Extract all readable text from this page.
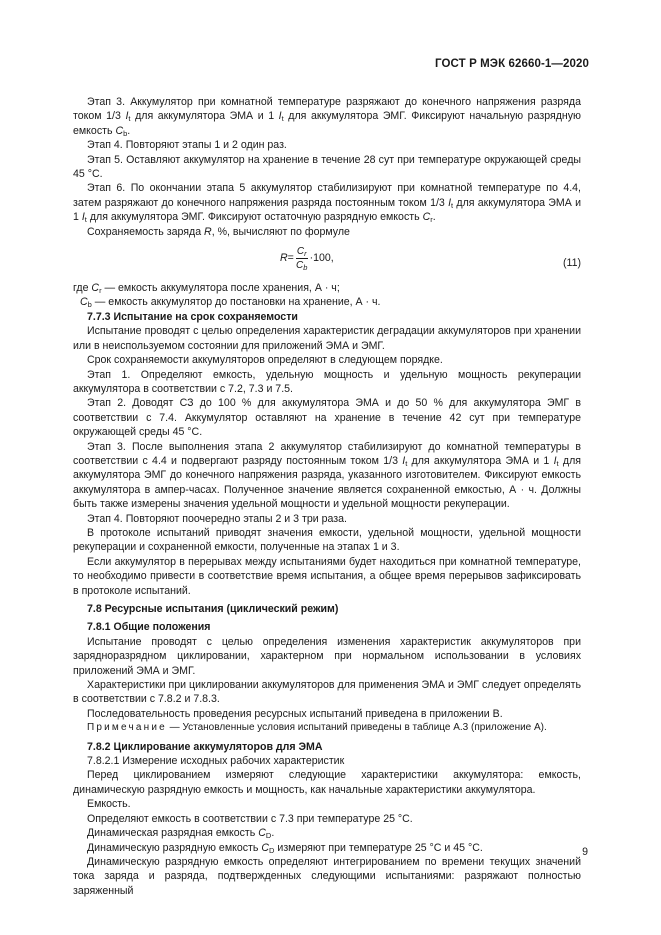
ГОСТ Р МЭК 62660-1—2020

Этап 3. Аккумулятор при комнатной температуре разряжают до конечного напряжения разряда током 1/3 $I_t$ для аккумулятора ЭМА и 1 $I_t$ для аккумулятора ЭМГ. Фиксируют начальную разрядную емкость $C_b$.

Этап 4. Повторяют этапы 1 и 2 один раз.

Этап 5. Оставляют аккумулятор на хранение в течение 28 сут при температуре окружающей среды 45 °С.

Этап 6. По окончании этапа 5 аккумулятор стабилизируют при комнатной температуре по 4.4, затем разряжают до конечного напряжения разряда постоянным током 1/3 $I_t$ для аккумулятора ЭМА и 1 $I_t$ для аккумулятора ЭМГ. Фиксируют остаточную разрядную емкость $C_r$.

Сохраняемость заряда R, %, вычисляют по формуле

$R = \frac{C_r}{C_b} \cdot 100$,	(11)

где $C_r$ — емкость аккумулятора после хранения, А · ч;

$C_b$ — емкость аккумулятор до постановки на хранение, А · ч.

7.7.3 Испытание на срок сохраняемости

Испытание проводят с целью определения характеристик деградации аккумуляторов при хранении или в неиспользуемом состоянии для приложений ЭМА и ЭМГ.

Срок сохраняемости аккумуляторов определяют в следующем порядке.

Этап 1. Определяют емкость, удельную мощность и удельную мощность рекуперации аккумулятора в соответствии с 7.2, 7.3 и 7.5.

Этап 2. Доводят СЗ до 100 % для аккумулятора ЭМА и до 50 % для аккумулятора ЭМГ в соответствии с 7.4. Аккумулятор оставляют на хранение в течение 42 сут при температуре окружающей среды 45 °С.

Этап 3. После выполнения этапа 2 аккумулятор стабилизируют до комнатной температуры в соответствии с 4.4 и подвергают разряду постоянным током 1/3 $I_t$ для аккумулятора ЭМА и 1 $I_t$ для аккумулятора ЭМГ до конечного напряжения разряда, указанного изготовителем. Фиксируют емкость аккумулятора в ампер-часах. Полученное значение является сохраненной емкостью, А · ч. Должны быть также измерены значения удельной мощности и удельной мощности рекуперации.

Этап 4. Повторяют поочередно этапы 2 и 3 три раза.

В протоколе испытаний приводят значения емкости, удельной мощности, удельной мощности рекуперации и сохраненной емкости, полученные на этапах 1 и 3.

Если аккумулятор в перерывах между испытаниями будет находиться при комнатной температуре, то необходимо привести в соответствие время испытания, а общее время перерывов зафиксировать в протоколе испытаний.

7.8 Ресурсные испытания (циклический режим)

7.8.1 Общие положения

Испытание проводят с целью определения изменения характеристик аккумуляторов при зарядноразрядном циклировании, характерном при нормальном использовании в условиях приложений ЭМА и ЭМГ.

Характеристики при циклировании аккумуляторов для применения ЭМА и ЭМГ следует определять в соответствии с 7.8.2 и 7.8.3.

Последовательность проведения ресурсных испытаний приведена в приложении В.

Примечание — Установленные условия испытаний приведены в таблице А.3 (приложение А).

7.8.2 Циклирование аккумуляторов для ЭМА

7.8.2.1 Измерение исходных рабочих характеристик

Перед циклированием измеряют следующие характеристики аккумулятора: емкость, динамическую разрядную емкость и мощность, как начальные характеристики аккумулятора.

Емкость.

Определяют емкость в соответствии с 7.3 при температуре 25 °С.

Динамическая разрядная емкость $C_D$.

Динамическую разрядную емкость $C_D$ измеряют при температуре 25 °С и 45 °С.

Динамическую разрядную емкость определяют интегрированием по времени текущих значений тока заряда и разряда, подтвержденных следующими испытаниями: разряжают полностью заряженный

9
